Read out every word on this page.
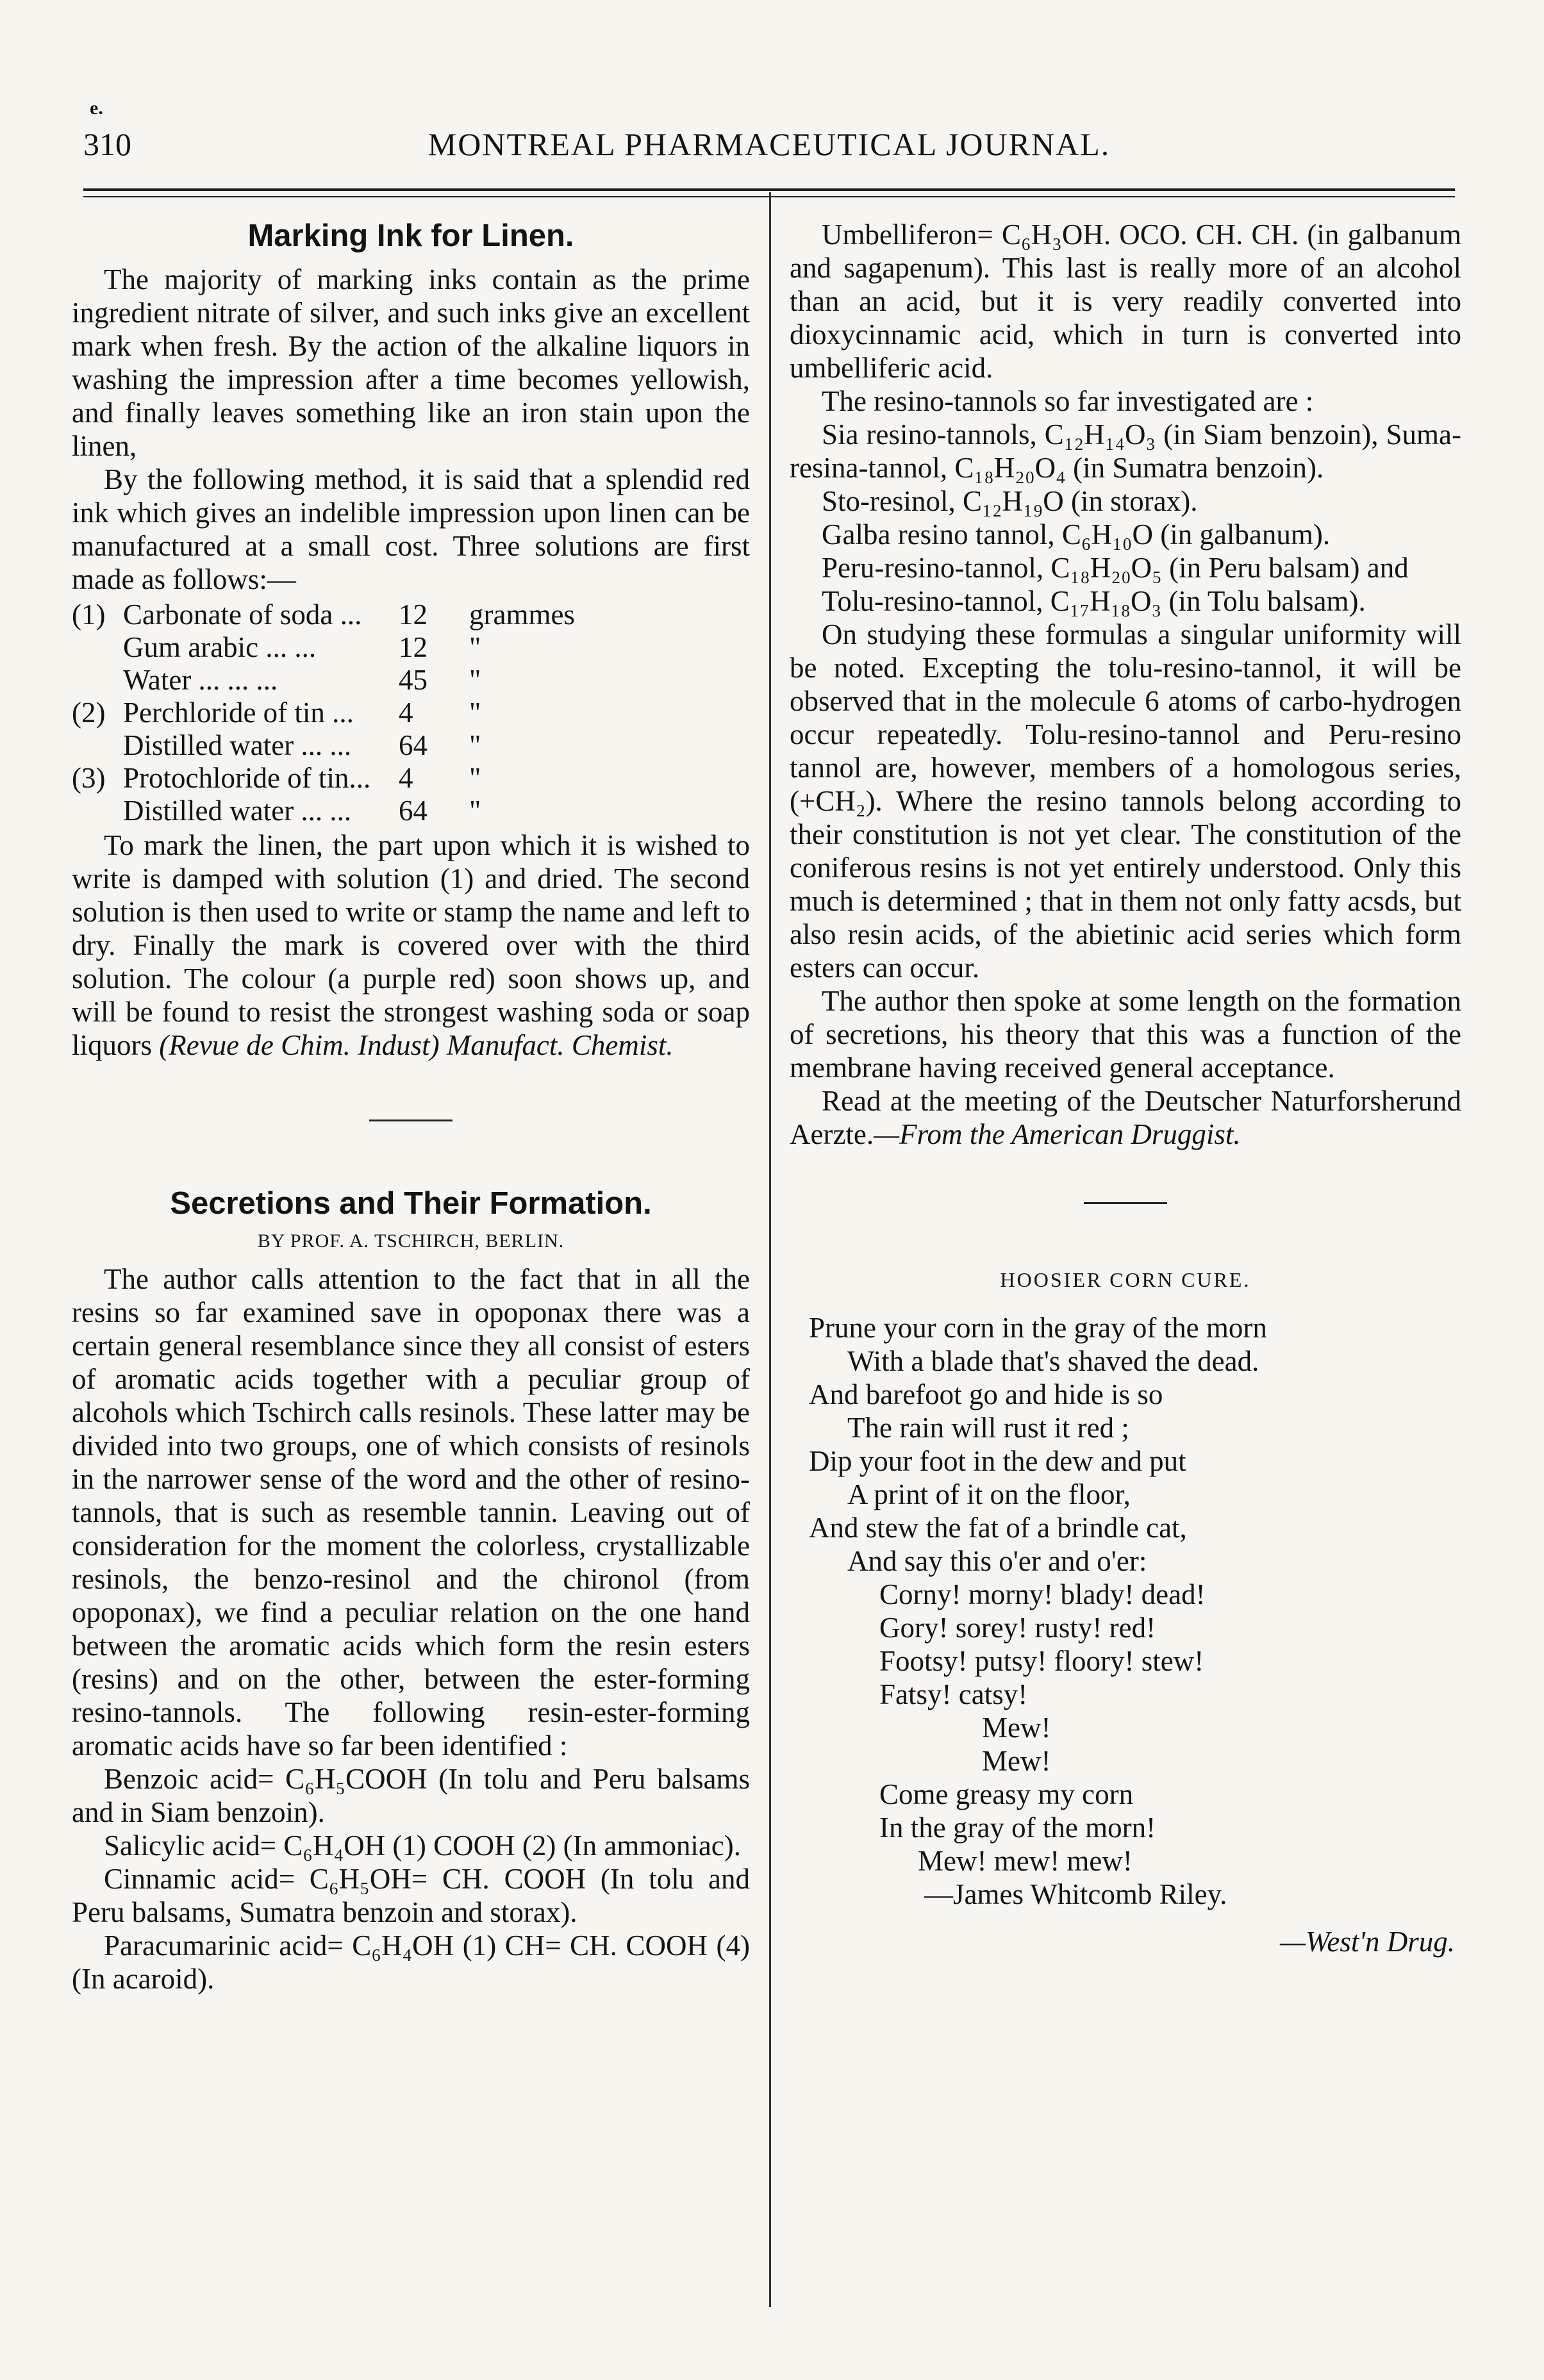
e.
310	MONTREAL PHARMACEUTICAL JOURNAL.
Marking Ink for Linen.

The majority of marking inks contain as the prime ingredient nitrate of silver, and such inks give an excellent mark when fresh. By the action of the alkaline liquors in washing the impression after a time becomes yellowish, and finally leaves something like an iron stain upon the linen,

By the following method, it is said that a splendid red ink which gives an indelible impression upon linen can be manufactured at a small cost. Three solutions are first made as follows:—

(1) Carbonate of soda ...	12	grammes
Gum arabic ... ...	12	"
Water ... ... ...	45	"
(2) Perchloride of tin ...	4	"
Distilled water ... ...	64	"
(3) Protochloride of tin... 4	"
Distilled water ... ...	64	"

To mark the linen, the part upon which it is wished to write is damped with solution (1) and dried. The second solution is then used to write or stamp the name and left to dry. Finally the mark is covered over with the third solution. The colour (a purple red) soon shows up, and will be found to resist the strongest washing soda or soap liquors (Revue de Chim. Indust) Manufact. Chemist.

Secretions and Their Formation.
BY PROF. A. TSCHIRCH, BERLIN.

The author calls attention to the fact that in all the resins so far examined save in opoponax there was a certain general resemblance since they all consist of esters of aromatic acids together with a peculiar group of alcohols which Tschirch calls resinols. These latter may be divided into two groups, one of which consists of resinols in the narrower sense of the word and the other of resino-tannols, that is such as resemble tannin. Leaving out of consideration for the moment the colorless, crystallizable resinols, the benzo-resinol and the chironol (from opoponax), we find a peculiar relation on the one hand between the aromatic acids which form the resin esters (resins) and on the other, between the ester-forming resino-tannols. The following resin-ester-forming aromatic acids have so far been identified :

Benzoic acid= C₆H₅COOH (In tolu and Peru balsams and in Siam benzoin).

Salicylic acid= C₆H₄OH (1) COOH (2) (In ammoniac).

Cinnamic acid= C₆H₅OH= CH. COOH (In tolu and Peru balsams, Sumatra benzoin and storax).

Paracumarinic acid= C₆H₄OH (1) CH= CH. COOH (4) (In acaroid).

Umbelliferon= C₆H₃OH. OCO. CH. CH. (in galbanum and sagapenum). This last is really more of an alcohol than an acid, but it is very readily converted into dioxycinnamic acid, which in turn is converted into umbelliferic acid.

The resino-tannols so far investigated are :

Sia resino-tannols, C₁₂H₁₄O₃ (in Siam benzoin), Suma-resina-tannol, C₁₈H₂₀O₄ (in Sumatra benzoin).

Sto-resinol, C₁₂H₁₉O (in storax).

Galba resino tannol, C₆H₁₀O (in galbanum).

Peru-resino-tannol, C₁₈H₂₀O₅ (in Peru balsam) and

Tolu-resino-tannol, C₁₇H₁₈O₃ (in Tolu balsam).

On studying these formulas a singular uniformity will be noted. Excepting the tolu-resino-tannol, it will be observed that in the molecule 6 atoms of carbo-hydrogen occur repeatedly. Tolu-resino-tannol and Peru-resino tannol are, however, members of a homologous series, (+CH₂). Where the resino tannols belong according to their constitution is not yet clear. The constitution of the coniferous resins is not yet entirely understood. Only this much is determined ; that in them not only fatty acsds, but also resin acids, of the abietinic acid series which form esters can occur.

The author then spoke at some length on the formation of secretions, his theory that this was a function of the membrane having received general acceptance.

Read at the meeting of the Deutscher Naturforsherund Aerzte.—From the American Druggist.

HOOSIER CORN CURE.
Prune your corn in the gray of the morn
With a blade that's shaved the dead.
And barefoot go and hide is so
The rain will rust it red ;
Dip your foot in the dew and put
A print of it on the floor,
And stew the fat of a brindle cat,
And say this o'er and o'er:
Corny! morny! blady! dead!
Gory! sorey! rusty! red!
Footsy! putsy! floory! stew!
Fatsy! catsy!
Mew!
Mew!
Come greasy my corn
In the gray of the morn!
Mew! mew! mew!
—James Whitcomb Riley.
—West'n Drug.
